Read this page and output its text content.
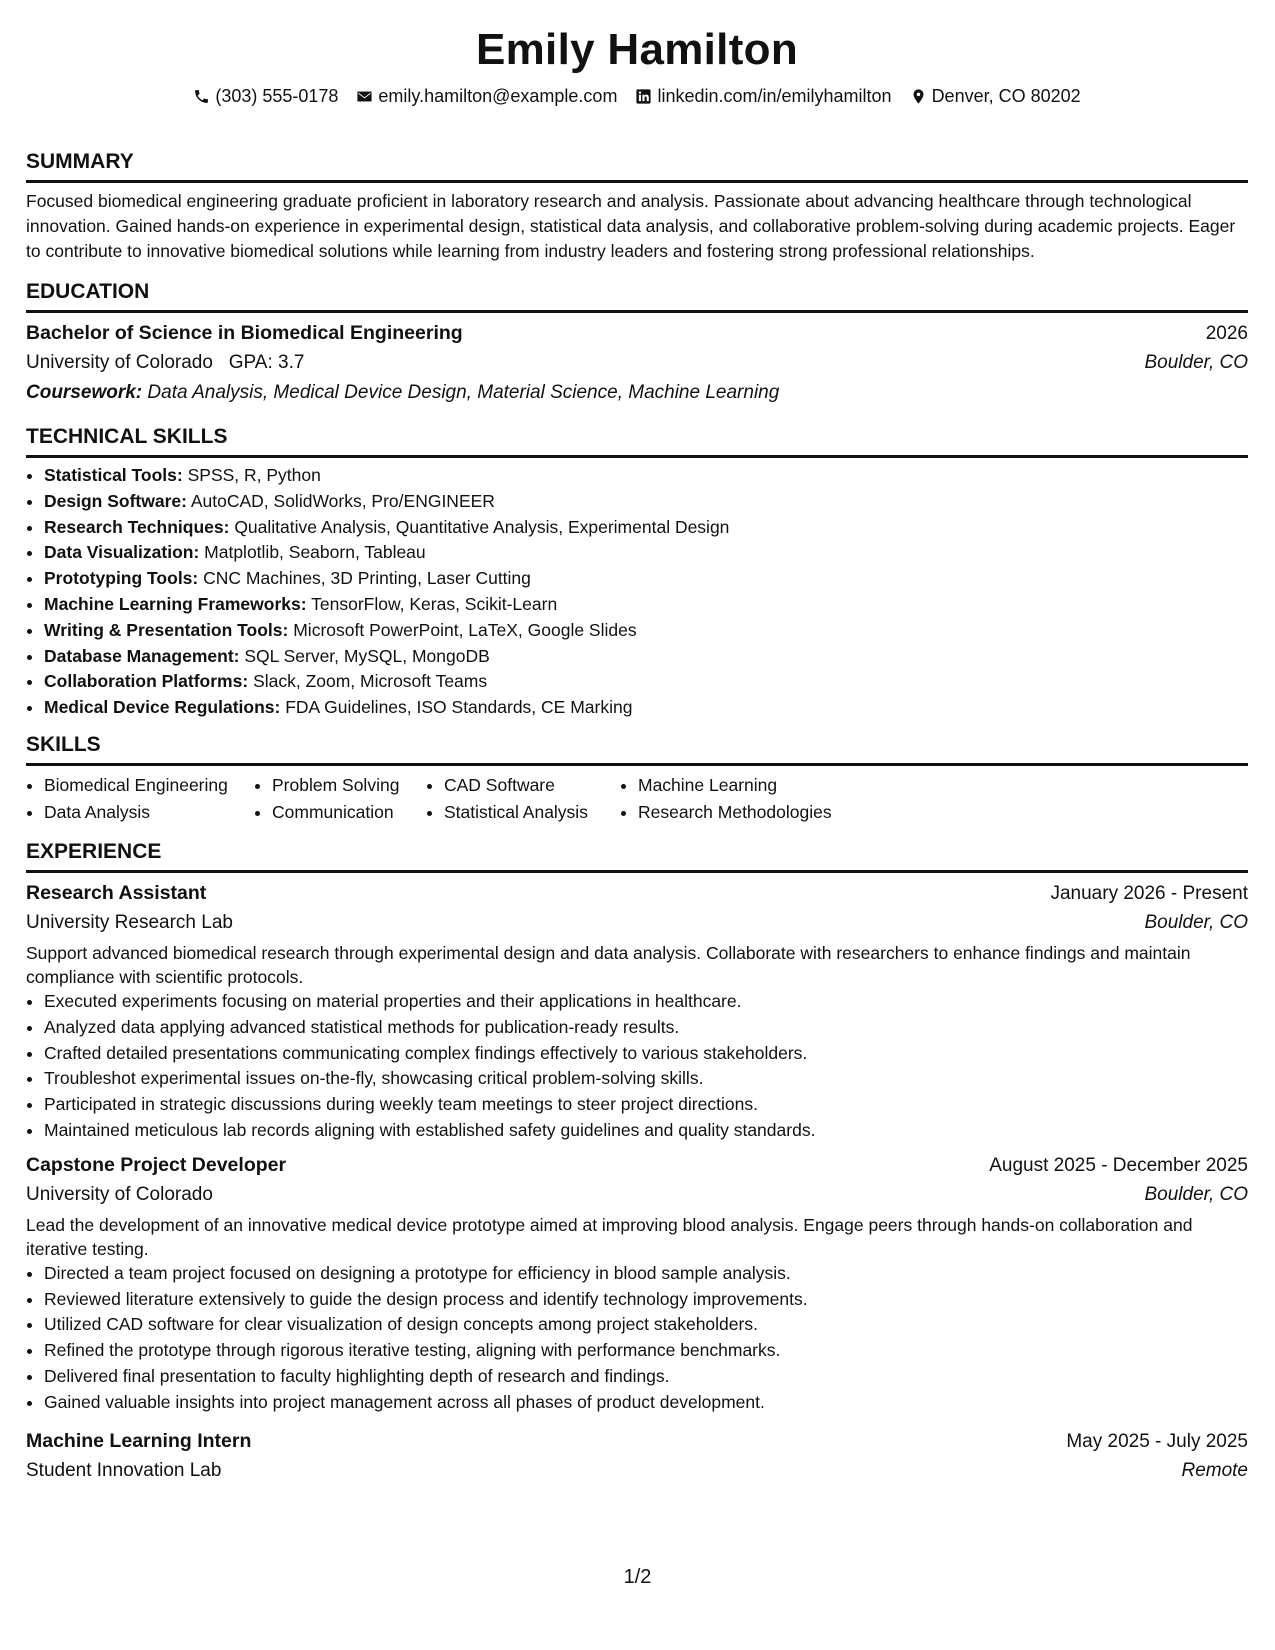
Emily Hamilton
(303) 555-0178 emily.hamilton@example.com linkedin.com/in/emilyhamilton Denver, CO 80202
SUMMARY

Focused biomedical engineering graduate proficient in laboratory research and analysis. Passionate about advancing healthcare through technological innovation. Gained hands-on experience in experimental design, statistical data analysis, and collaborative problem-solving during academic projects. Eager to contribute to innovative biomedical solutions while learning from industry leaders and fostering strong professional relationships.

EDUCATION
Bachelor of Science in Biomedical Engineering	2026
University of Colorado GPA: 3.7	Boulder, CO
Coursework: Data Analysis, Medical Device Design, Material Science, Machine Learning
TECHNICAL SKILLS
• Statistical Tools: SPSS, R, Python
• Design Software: AutoCAD, SolidWorks, Pro/ENGINEER
• Research Techniques: Qualitative Analysis, Quantitative Analysis, Experimental Design
• Data Visualization: Matplotlib, Seaborn, Tableau
• Prototyping Tools: CNC Machines, 3D Printing, Laser Cutting
• Machine Learning Frameworks: TensorFlow, Keras, Scikit-Learn
• Writing & Presentation Tools: Microsoft PowerPoint, LaTeX, Google Slides
• Database Management: SQL Server, MySQL, MongoDB
• Collaboration Platforms: Slack, Zoom, Microsoft Teams
• Medical Device Regulations: FDA Guidelines, ISO Standards, CE Marking
SKILLS
• Biomedical Engineering
• Data Analysis
• Problem Solving
• Communication
• CAD Software
• Statistical Analysis
• Machine Learning
• Research Methodologies
EXPERIENCE
Research Assistant	January 2026 - Present
University Research Lab	Boulder, CO

Support advanced biomedical research through experimental design and data analysis. Collaborate with researchers to enhance findings and maintain compliance with scientific protocols.

• Executed experiments focusing on material properties and their applications in healthcare.
• Analyzed data applying advanced statistical methods for publication-ready results.
• Crafted detailed presentations communicating complex findings effectively to various stakeholders.
• Troubleshot experimental issues on-the-fly, showcasing critical problem-solving skills.
• Participated in strategic discussions during weekly team meetings to steer project directions.
• Maintained meticulous lab records aligning with established safety guidelines and quality standards.
Capstone Project Developer	August 2025 - December 2025
University of Colorado	Boulder, CO

Lead the development of an innovative medical device prototype aimed at improving blood analysis. Engage peers through hands-on collaboration and iterative testing.

• Directed a team project focused on designing a prototype for efficiency in blood sample analysis.
• Reviewed literature extensively to guide the design process and identify technology improvements.
• Utilized CAD software for clear visualization of design concepts among project stakeholders.
• Refined the prototype through rigorous iterative testing, aligning with performance benchmarks.
• Delivered final presentation to faculty highlighting depth of research and findings.
• Gained valuable insights into project management across all phases of product development.
Machine Learning Intern	May 2025 - July 2025
Student Innovation Lab	Remote
1/2
